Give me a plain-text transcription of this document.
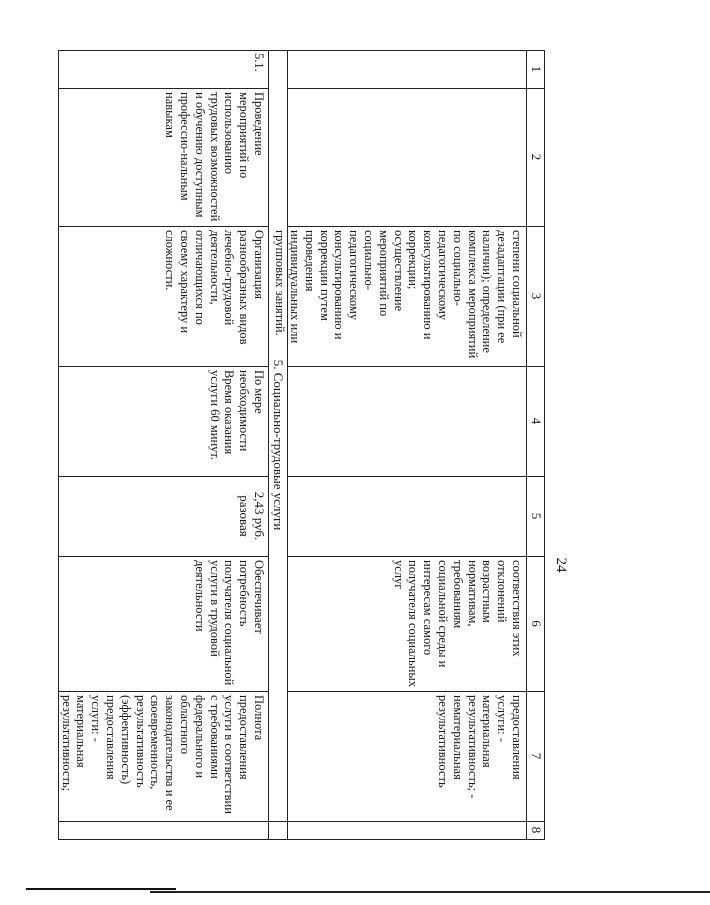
24
1
2
3
4
5
6
7
8
степени социальной дезадаптации (при ее наличии); определение комплекса мероприятий по социально-педагогическому консультированию и коррекции; осуществление мероприятий по социально-педагогическому консультированию и коррекции путем проведения индивидуальных или групповых занятий.
соответствия этих отклонений возрастным нормативам, требованиям социальной среды и интересам самого получателя социальных услуг
предоставления услуги: - материальная результативность; - нематериальная результативность
5. Социально-трудовые услуги
5.1.
Проведение мероприятий по использованию трудовых возможностей и обучению доступным профессио-нальным навыкам
Организация разнообразных видов лечебно-трудовой деятельности, отличающихся по своему характеру и сложности.
По мере необходимости Время оказания услуги 60 минут.
2,43 руб. разовая
Обеспечивает потребность получателя социальной услуги в трудовой деятельности
Полнота предоставления услуги в соответствии с требованиями федерального и областного законодательства и ее своевременность, результативность (эффективность) предоставления услуги: - материальная результативность;
